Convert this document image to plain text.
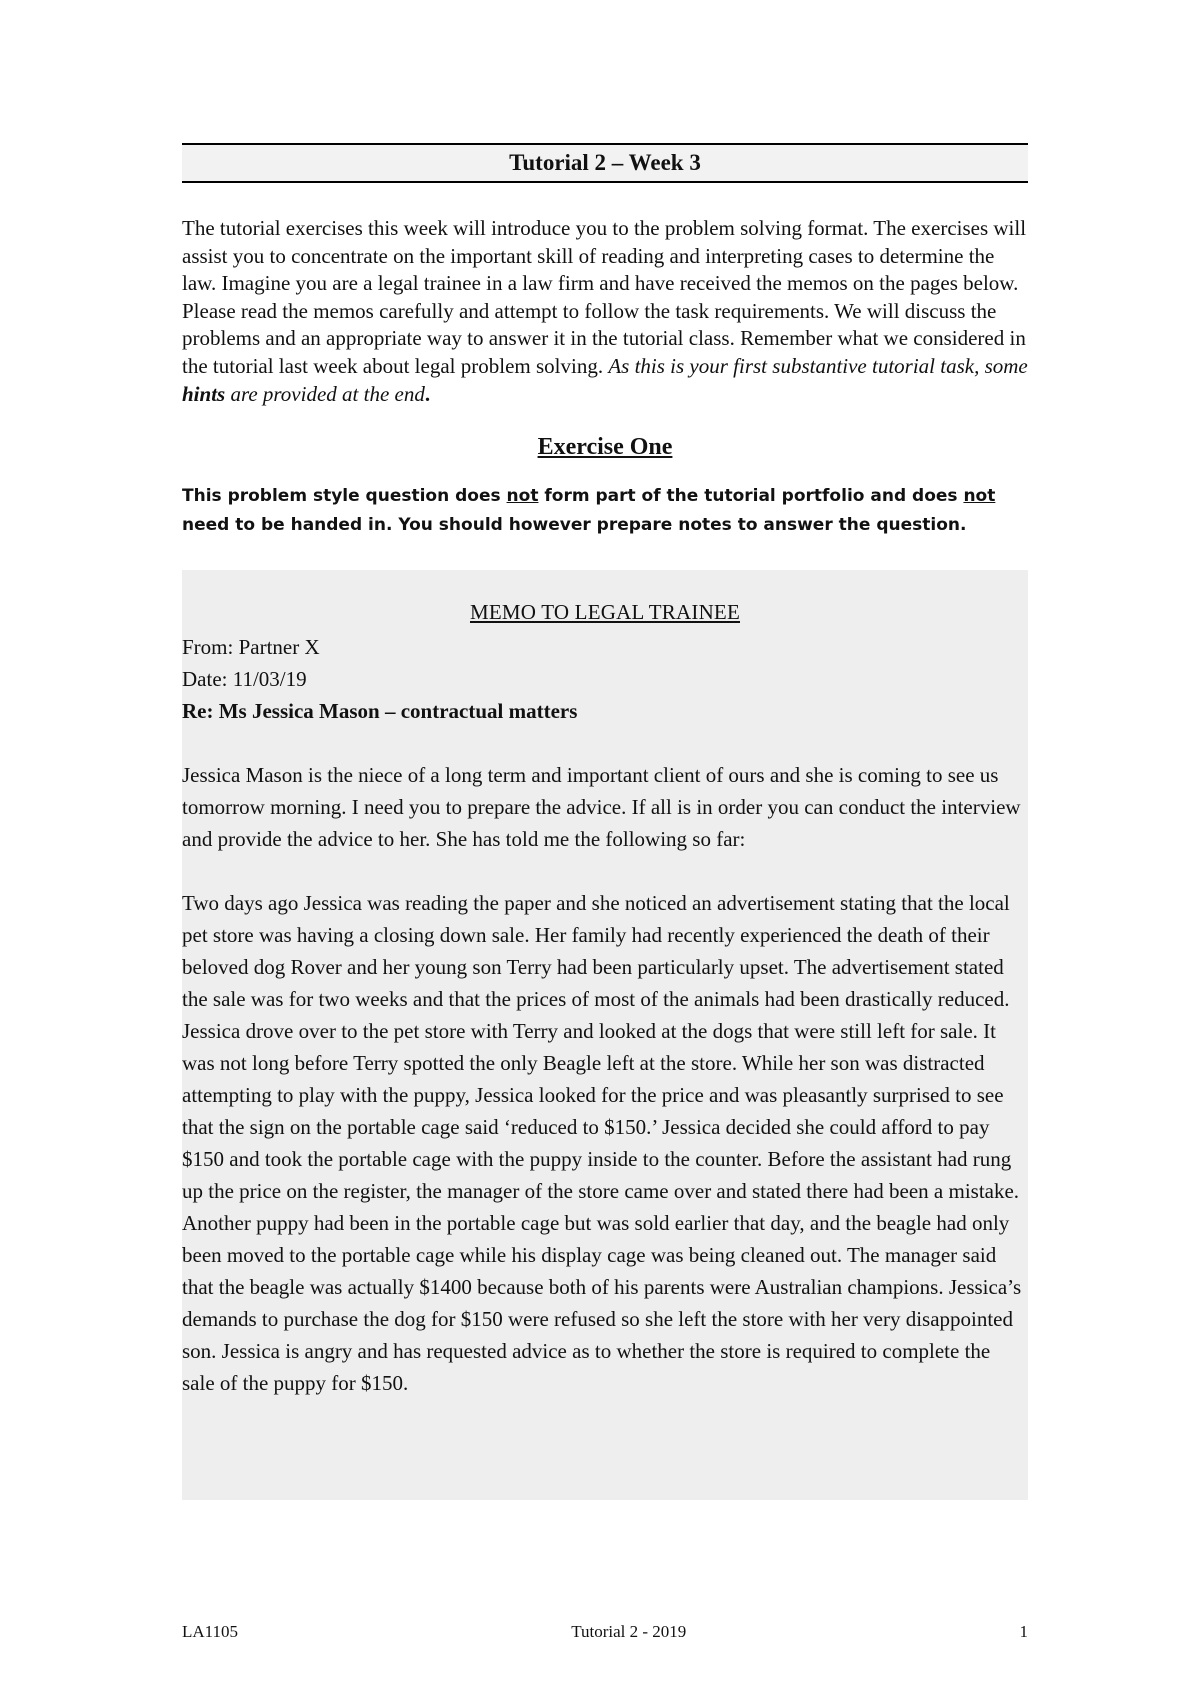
Tutorial 2 – Week 3

The tutorial exercises this week will introduce you to the problem solving format. The exercises will assist you to concentrate on the important skill of reading and interpreting cases to determine the law. Imagine you are a legal trainee in a law firm and have received the memos on the pages below. Please read the memos carefully and attempt to follow the task requirements. We will discuss the problems and an appropriate way to answer it in the tutorial class. Remember what we considered in the tutorial last week about legal problem solving. As this is your first substantive tutorial task, some hints are provided at the end.

Exercise One

This problem style question does not form part of the tutorial portfolio and does not need to be handed in. You should however prepare notes to answer the question.

MEMO TO LEGAL TRAINEE
From: Partner X
Date: 11/03/19
Re: Ms Jessica Mason – contractual matters
Jessica Mason is the niece of a long term and important client of ours and she is coming to see us tomorrow morning. I need you to prepare the advice. If all is in order you can conduct the interview and provide the advice to her. She has told me the following so far:
Two days ago Jessica was reading the paper and she noticed an advertisement stating that the local pet store was having a closing down sale. Her family had recently experienced the death of their beloved dog Rover and her young son Terry had been particularly upset. The advertisement stated the sale was for two weeks and that the prices of most of the animals had been drastically reduced. Jessica drove over to the pet store with Terry and looked at the dogs that were still left for sale. It was not long before Terry spotted the only Beagle left at the store. While her son was distracted attempting to play with the puppy, Jessica looked for the price and was pleasantly surprised to see that the sign on the portable cage said ‘reduced to $150.’ Jessica decided she could afford to pay $150 and took the portable cage with the puppy inside to the counter. Before the assistant had rung up the price on the register, the manager of the store came over and stated there had been a mistake. Another puppy had been in the portable cage but was sold earlier that day, and the beagle had only been moved to the portable cage while his display cage was being cleaned out. The manager said that the beagle was actually $1400 because both of his parents were Australian champions. Jessica’s demands to purchase the dog for $150 were refused so she left the store with her very disappointed son. Jessica is angry and has requested advice as to whether the store is required to complete the sale of the puppy for $150.
LA1105	Tutorial 2 - 2019	1
